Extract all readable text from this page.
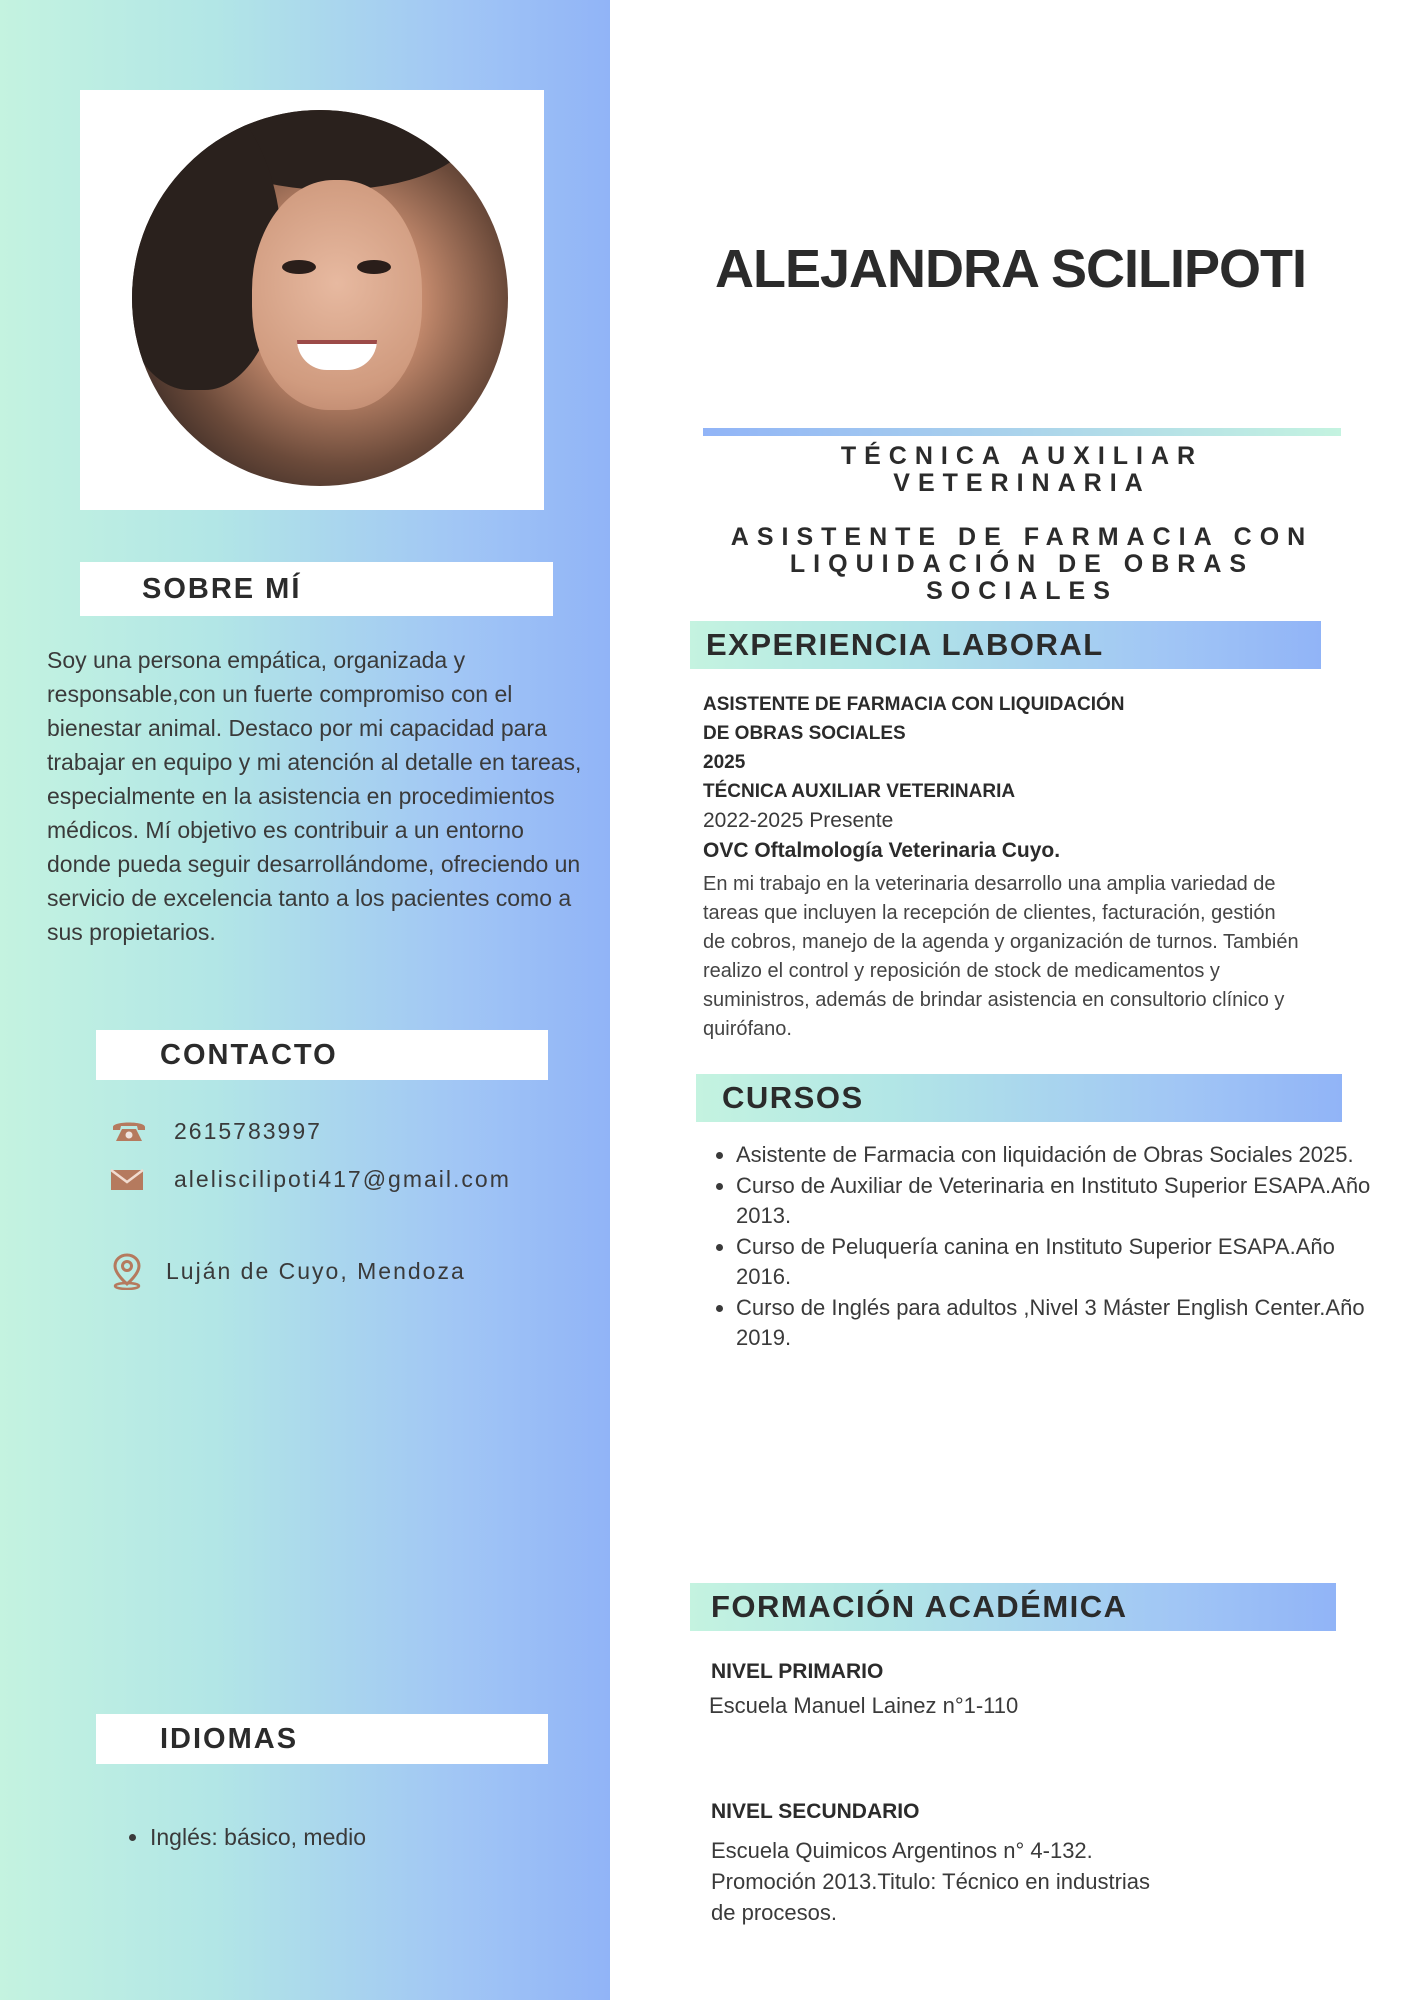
SOBRE MÍ
Soy una persona empática, organizada y responsable,con un fuerte compromiso con el bienestar animal. Destaco por mi capacidad para trabajar en equipo y mi atención al detalle en tareas, especialmente en la asistencia en procedimientos médicos. Mí objetivo es contribuir a un entorno donde pueda seguir desarrollándome, ofreciendo un servicio de excelencia tanto a los pacientes como a sus propietarios.
CONTACTO
2615783997
aleliscilipoti417@gmail.com
Luján de Cuyo, Mendoza
IDIOMAS
• Inglés: básico, medio
ALEJANDRA SCILIPOTI
TÉCNICA AUXILIAR VETERINARIA
ASISTENTE DE FARMACIA CON LIQUIDACIÓN DE OBRAS SOCIALES
EXPERIENCIA LABORAL
ASISTENTE DE FARMACIA CON LIQUIDACIÓN
DE OBRAS SOCIALES
2025
TÉCNICA AUXILIAR VETERINARIA
2022-2025 Presente
OVC Oftalmología Veterinaria Cuyo.
En mi trabajo en la veterinaria desarrollo una amplia variedad de tareas que incluyen la recepción de clientes, facturación, gestión de cobros, manejo de la agenda y organización de turnos. También realizo el control y reposición de stock de medicamentos y suministros, además de brindar asistencia en consultorio clínico y quirófano.
CURSOS
• Asistente de Farmacia con liquidación de Obras Sociales 2025.
• Curso de Auxiliar de Veterinaria en Instituto Superior ESAPA.Año 2013.
• Curso de Peluquería canina en Instituto Superior ESAPA.Año 2016.
• Curso de Inglés para adultos ,Nivel 3 Máster English Center.Año 2019.
FORMACIÓN ACADÉMICA
NIVEL PRIMARIO
Escuela Manuel Lainez n°1-110
NIVEL SECUNDARIO
Escuela Quimicos Argentinos n° 4-132. Promoción 2013.Titulo: Técnico en industrias de procesos.
